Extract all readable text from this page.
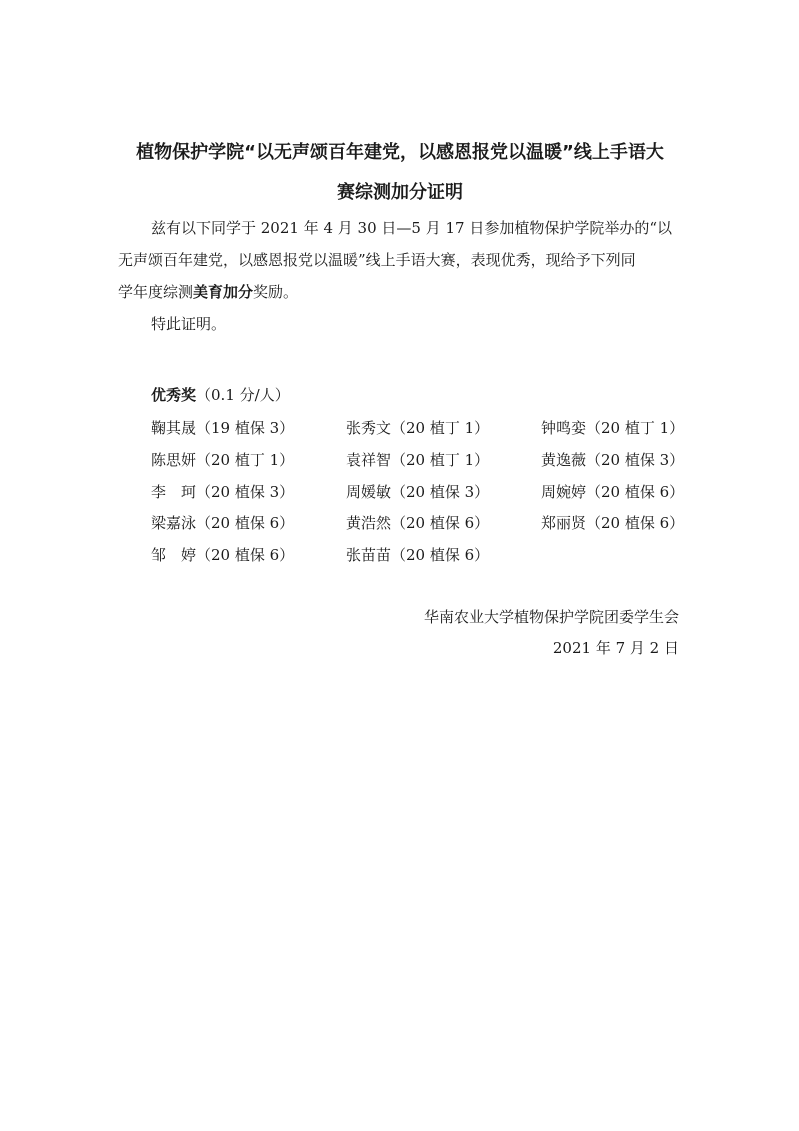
植物保护学院“以无声颂百年建党，以感恩报党以温暖”线上手语大
赛综测加分证明
兹有以下同学于 2021 年 4 月 30 日—5 月 17 日参加植物保护学院举办的“以
无声颂百年建党，以感恩报党以温暖”线上手语大赛，表现优秀，现给予下列同
学年度综测美育加分奖励。
特此证明。
优秀奖（0.1 分/人）
鞠其晟（19 植保 3）	张秀文（20 植丁 1）	钟鸣娈（20 植丁 1）
陈思妍（20 植丁 1）	袁祥智（20 植丁 1）	黄逸薇（20 植保 3）
李　珂（20 植保 3）	周媛敏（20 植保 3）	周婉婷（20 植保 6）
梁嘉泳（20 植保 6）	黄浩然（20 植保 6）	郑丽贤（20 植保 6）
邹　婷（20 植保 6）	张苗苗（20 植保 6）
华南农业大学植物保护学院团委学生会
2021 年 7 月 2 日
